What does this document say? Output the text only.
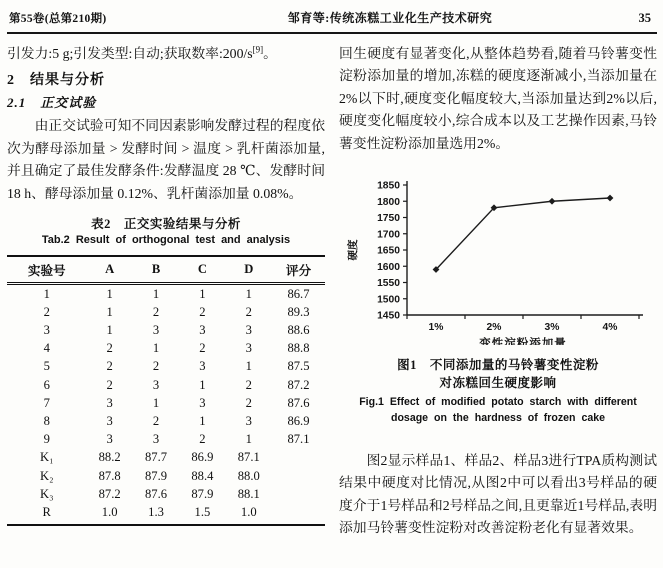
第55卷(总第210期)	邹育等:传统冻糕工业化生产技术研究	35

引发力:5 g;引发类型:自动;获取数率:200/s[9]。

2　结果与分析
2.1　正交试验

由正交试验可知不同因素影响发酵过程的程度依次为酵母添加量 > 发酵时间 > 温度 > 乳杆菌添加量,并且确定了最佳发酵条件:发酵温度 28 ℃、发酵时间 18 h、酵母添加量 0.12%、乳杆菌添加量 0.08%。

表2　正交实验结果与分析
Tab.2 Result of orthogonal test and analysis
实验号	A	B	C	D	评分
1	1	1	1	1	86.7
2	1	2	2	2	89.3
3	1	3	3	3	88.6
4	2	1	2	3	88.8
5	2	2	3	1	87.5
6	2	3	1	2	87.2
7	3	1	3	2	87.6
8	3	2	1	3	86.9
9	3	3	2	1	87.1
K₁	88.2	87.7	86.9	87.1	
K₂	87.8	87.9	88.4	88.0	
K₃	87.2	87.6	87.9	88.1	
R	1.0	1.3	1.5	1.0	

回生硬度有显著变化,从整体趋势看,随着马铃薯变性淀粉添加量的增加,冻糕的硬度逐渐减小,当添加量在2%以下时,硬度变化幅度较大,当添加量达到2%以后,硬度变化幅度较小,综合成本以及工艺操作因素,马铃薯变性淀粉添加量选用2%。

1450
1500
1550
1600
1650
1700
1750
1800
1850
1%	2%	3%	4%
硬度
变性淀粉添加量
图1　不同添加量的马铃薯变性淀粉
对冻糕回生硬度影响
Fig.1 Effect of modified potato starch with different
dosage on the hardness of frozen cake

图2显示样品1、样品2、样品3进行TPA质构测试结果中硬度对比情况,从图2中可以看出3号样品的硬度介于1号样品和2号样品之间,且更靠近1号样品,表明添加马铃薯变性淀粉对改善淀粉老化有显著效果。
